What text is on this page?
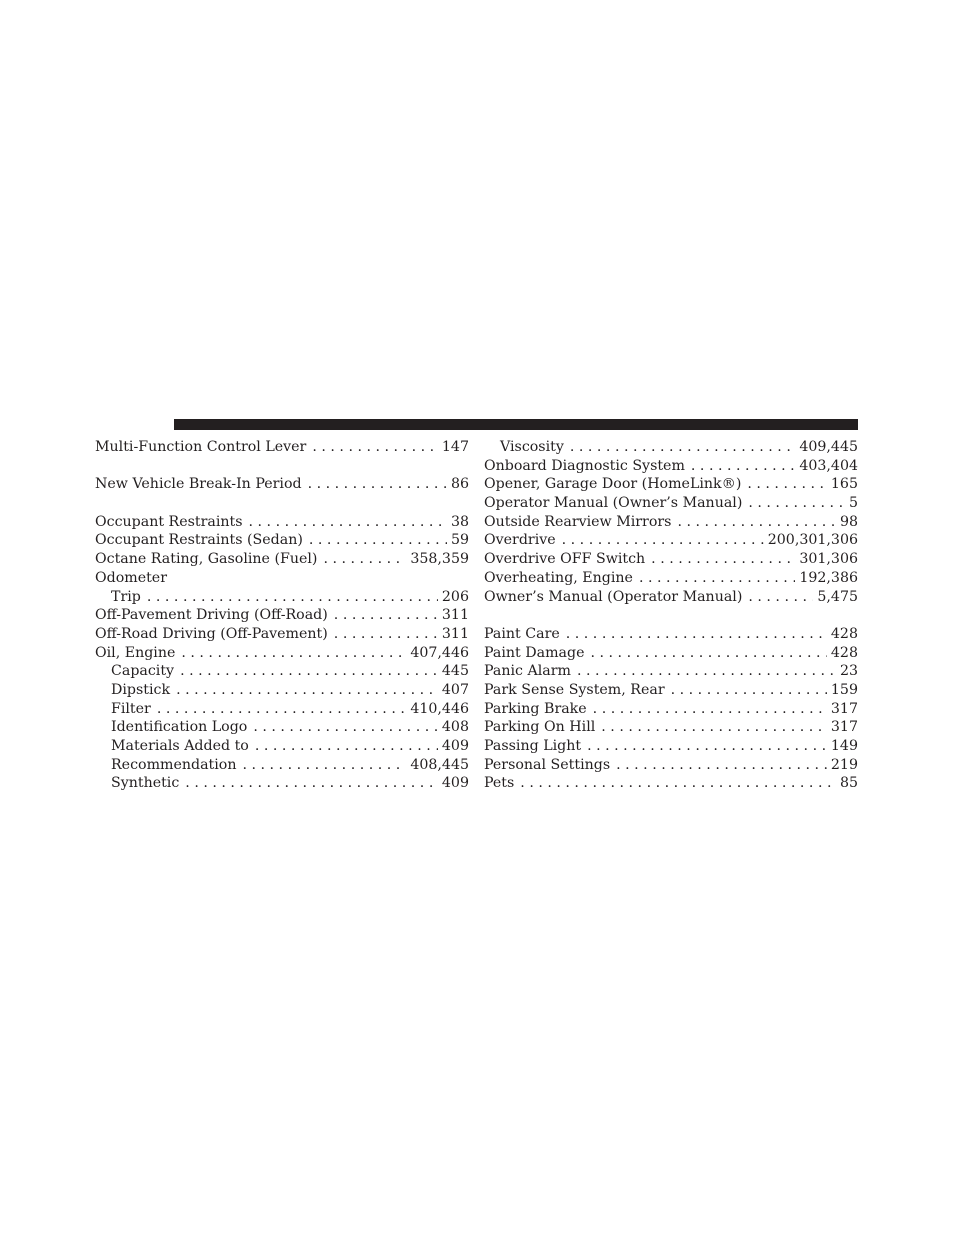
Multi-Function Control Lever . . .	147
New Vehicle Break-In Period . . .	86
Occupant Restraints . . .	38
Occupant Restraints (Sedan) . . .	59
Octane Rating, Gasoline (Fuel) . . .	358,359
Odometer
Trip . . .	206
Off-Pavement Driving (Off-Road) . . .	311
Off-Road Driving (Off-Pavement) . . .	311
Oil, Engine . . .	407,446
Capacity . . .	445
Dipstick . . .	407
Filter . . .	410,446
Identification Logo . . .	408
Materials Added to . . .	409
Recommendation . . .	408,445
Synthetic . . .	409
Viscosity . . .	409,445
Onboard Diagnostic System . . .	403,404
Opener, Garage Door (HomeLink®) . . .	165
Operator Manual (Owner’s Manual) . . .	5
Outside Rearview Mirrors . . .	98
Overdrive . . .	200,301,306
Overdrive OFF Switch . . .	301,306
Overheating, Engine . . .	192,386
Owner’s Manual (Operator Manual) . . .	5,475
Paint Care . . .	428
Paint Damage . . .	428
Panic Alarm . . .	23
Park Sense System, Rear . . .	159
Parking Brake . . .	317
Parking On Hill . . .	317
Passing Light . . .	149
Personal Settings . . .	219
Pets . . .	85
